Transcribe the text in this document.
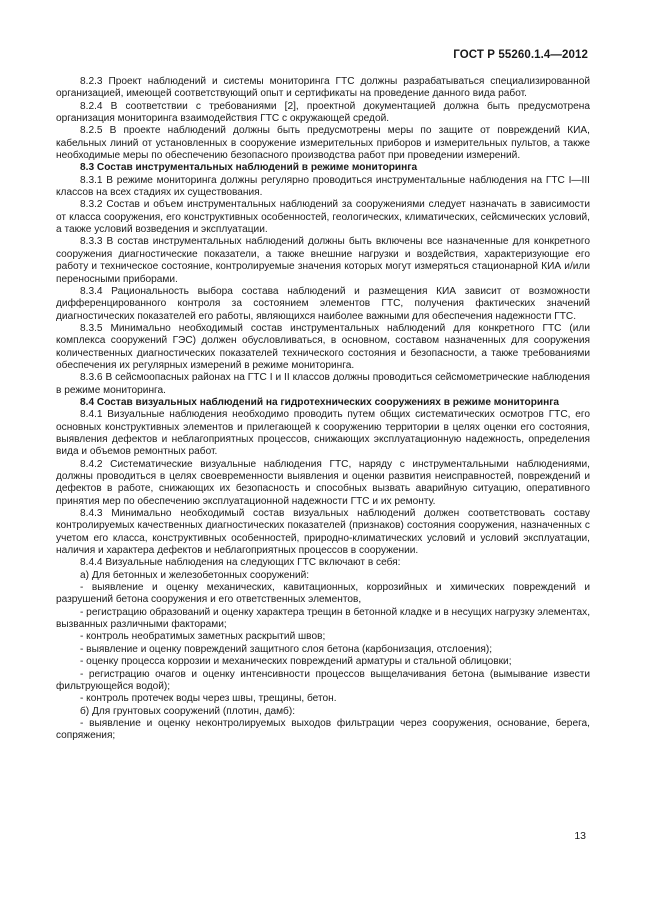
ГОСТ Р 55260.1.4—2012

8.2.3 Проект наблюдений и системы мониторинга ГТС должны разрабатываться специализированной организацией, имеющей соответствующий опыт и сертификаты на проведение данного вида работ.

8.2.4 В соответствии с требованиями [2], проектной документацией должна быть предусмотрена организация мониторинга взаимодействия ГТС с окружающей средой.

8.2.5 В проекте наблюдений должны быть предусмотрены меры по защите от повреждений КИА, кабельных линий от установленных в сооружение измерительных приборов и измерительных пультов, а также необходимые меры по обеспечению безопасного производства работ при проведении измерений.

8.3 Состав инструментальных наблюдений в режиме мониторинга

8.3.1 В режиме мониторинга должны регулярно проводиться инструментальные наблюдения на ГТС I—III классов на всех стадиях их существования.

8.3.2 Состав и объем инструментальных наблюдений за сооружениями следует назначать в зависимости от класса сооружения, его конструктивных особенностей, геологических, климатических, сейсмических условий, а также условий возведения и эксплуатации.

8.3.3 В состав инструментальных наблюдений должны быть включены все назначенные для конкретного сооружения диагностические показатели, а также внешние нагрузки и воздействия, характеризующие его работу и техническое состояние, контролируемые значения которых могут измеряться стационарной КИА и/или переносными приборами.

8.3.4 Рациональность выбора состава наблюдений и размещения КИА зависит от возможности дифференцированного контроля за состоянием элементов ГТС, получения фактических значений диагностических показателей его работы, являющихся наиболее важными для обеспечения надежности ГТС.

8.3.5 Минимально необходимый состав инструментальных наблюдений для конкретного ГТС (или комплекса сооружений ГЭС) должен обусловливаться, в основном, составом назначенных для сооружения количественных диагностических показателей технического состояния и безопасности, а также требованиями обеспечения их регулярных измерений в режиме мониторинга.

8.3.6 В сейсмоопасных районах на ГТС I и II классов должны проводиться сейсмометрические наблюдения в режиме мониторинга.

8.4 Состав визуальных наблюдений на гидротехнических сооружениях в режиме мониторинга

8.4.1 Визуальные наблюдения необходимо проводить путем общих систематических осмотров ГТС, его основных конструктивных элементов и прилегающей к сооружению территории в целях оценки его состояния, выявления дефектов и неблагоприятных процессов, снижающих эксплуатационную надежность, определения вида и объемов ремонтных работ.

8.4.2 Систематические визуальные наблюдения ГТС, наряду с инструментальными наблюдениями, должны проводиться в целях своевременности выявления и оценки развития неисправностей, повреждений и дефектов в работе, снижающих их безопасность и способных вызвать аварийную ситуацию, оперативного принятия мер по обеспечению эксплуатационной надежности ГТС и их ремонту.

8.4.3 Минимально необходимый состав визуальных наблюдений должен соответствовать составу контролируемых качественных диагностических показателей (признаков) состояния сооружения, назначенных с учетом его класса, конструктивных особенностей, природно-климатических условий и условий эксплуатации, наличия и характера дефектов и неблагоприятных процессов в сооружении.

8.4.4 Визуальные наблюдения на следующих ГТС включают в себя:

а) Для бетонных и железобетонных сооружений:

- выявление и оценку механических, кавитационных, коррозийных и химических повреждений и разрушений бетона сооружения и его ответственных элементов,

- регистрацию образований и оценку характера трещин в бетонной кладке и в несущих нагрузку элементах, вызванных различными факторами;

- контроль необратимых заметных раскрытий швов;

- выявление и оценку повреждений защитного слоя бетона (карбонизация, отслоения);

- оценку процесса коррозии и механических повреждений арматуры и стальной облицовки;

- регистрацию очагов и оценку интенсивности процессов выщелачивания бетона (вымывание извести фильтрующейся водой);

- контроль протечек воды через швы, трещины, бетон.

б) Для грунтовых сооружений (плотин, дамб):

- выявление и оценку неконтролируемых выходов фильтрации через сооружения, основание, берега, сопряжения;

13
